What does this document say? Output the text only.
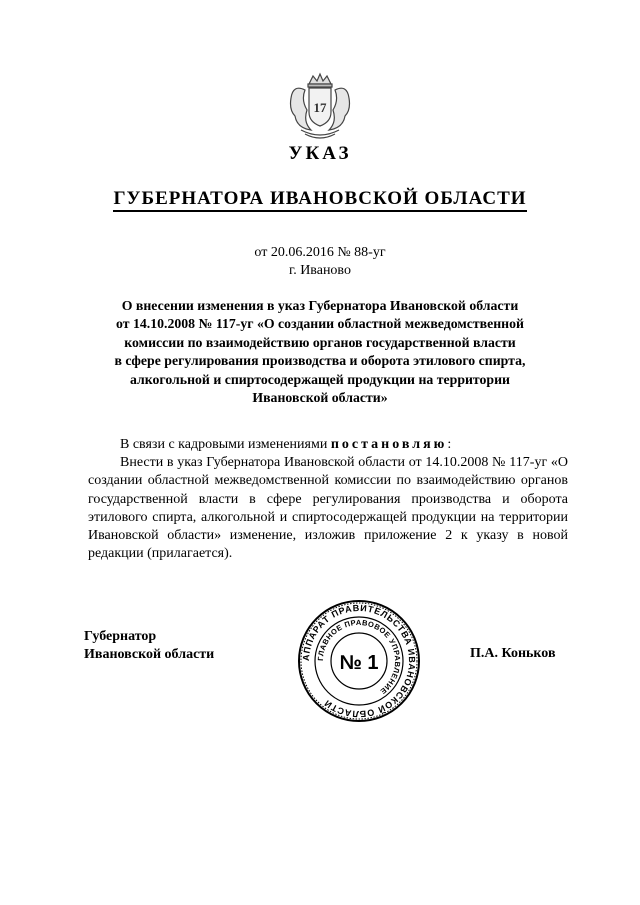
17
УКАЗ
ГУБЕРНАТОРА ИВАНОВСКОЙ ОБЛАСТИ
от 20.06.2016 № 88-уг
г. Иваново
О внесении изменения в указ Губернатора Ивановской области
от 14.10.2008 № 117-уг «О создании областной межведомственной
комиссии по взаимодействию органов государственной власти
в сфере регулирования производства и оборота этилового спирта,
алкогольной и спиртосодержащей продукции на территории
Ивановской области»

В связи с кадровыми изменениями постановляю:

Внести в указ Губернатора Ивановской области от 14.10.2008 № 117-уг «О создании областной межведомственной комиссии по взаимодействию органов государственной власти в сфере регулирования производства и оборота этилового спирта, алкогольной и спиртосодержащей продукции на территории Ивановской области» изменение, изложив приложение 2 к указу в новой редакции (прилагается).

Губернатор
Ивановской области	П.А. Коньков
АППАРАТ ПРАВИТЕЛЬСТВА ИВАНОВСКОЙ ОБЛАСТИ
ГЛАВНОЕ ПРАВОВОЕ УПРАВЛЕНИЕ
№ 1
